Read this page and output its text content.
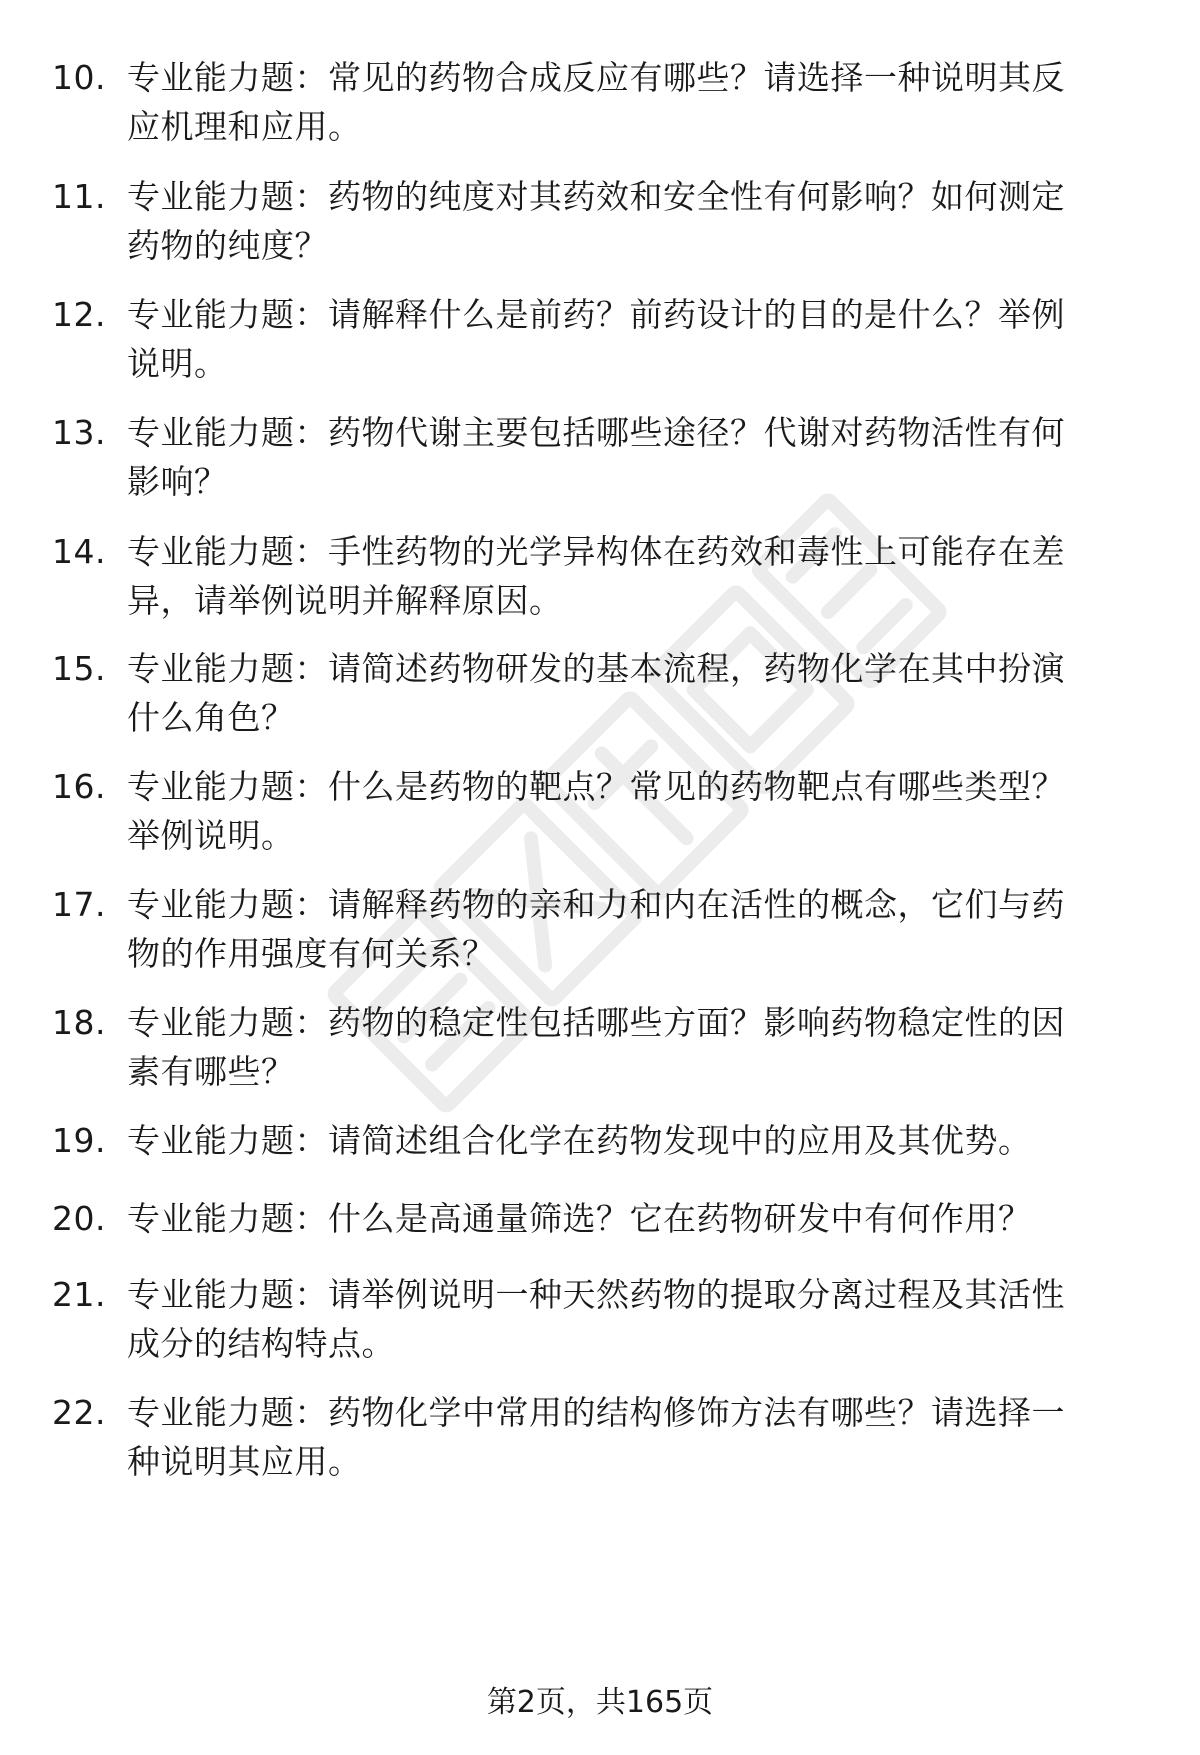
10. 专业能力题：常见的药物合成反应有哪些？请选择一种说明其反
应机理和应用。
11. 专业能力题：药物的纯度对其药效和安全性有何影响？如何测定
药物的纯度？
12. 专业能力题：请解释什么是前药？前药设计的目的是什么？举例
说明。
13. 专业能力题：药物代谢主要包括哪些途径？代谢对药物活性有何
影响？
14. 专业能力题：手性药物的光学异构体在药效和毒性上可能存在差
异，请举例说明并解释原因。
15. 专业能力题：请简述药物研发的基本流程，药物化学在其中扮演
什么角色？
16. 专业能力题：什么是药物的靶点？常见的药物靶点有哪些类型？
举例说明。
17. 专业能力题：请解释药物的亲和力和内在活性的概念，它们与药
物的作用强度有何关系？
18. 专业能力题：药物的稳定性包括哪些方面？影响药物稳定性的因
素有哪些？
19. 专业能力题：请简述组合化学在药物发现中的应用及其优势。
20. 专业能力题：什么是高通量筛选？它在药物研发中有何作用？
21. 专业能力题：请举例说明一种天然药物的提取分离过程及其活性
成分的结构特点。
22. 专业能力题：药物化学中常用的结构修饰方法有哪些？请选择一
种说明其应用。
第2页，共165页
